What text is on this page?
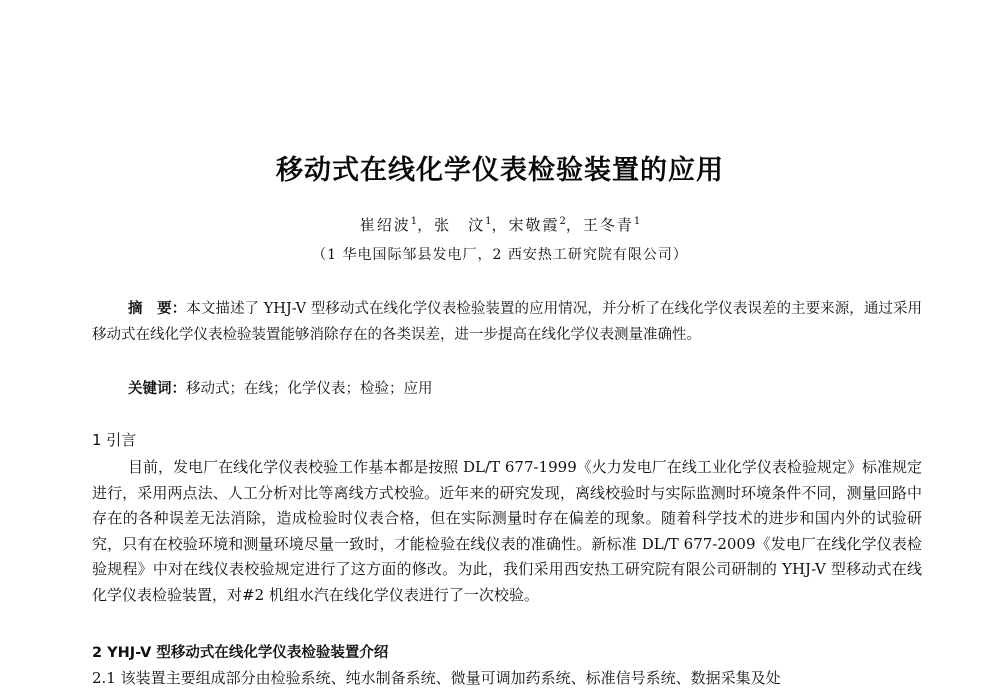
移动式在线化学仪表检验装置的应用
崔绍波$^1$，张　汶$^1$，宋敬霞$^2$，王冬青$^1$
（1 华电国际邹县发电厂，2 西安热工研究院有限公司）
摘　要：本文描述了 YHJ-V 型移动式在线化学仪表检验装置的应用情况，并分析了在线化学仪表误差的主要来源，通过采用移动式在线化学仪表检验装置能够消除存在的各类误差，进一步提高在线化学仪表测量准确性。
关键词：移动式；在线；化学仪表；检验；应用
1 引言
目前，发电厂在线化学仪表校验工作基本都是按照 DL/T 677-1999《火力发电厂在线工业化学仪表检验规定》标准规定进行，采用两点法、人工分析对比等离线方式校验。近年来的研究发现，离线校验时与实际监测时环境条件不同，测量回路中存在的各种误差无法消除，造成检验时仪表合格，但在实际测量时存在偏差的现象。随着科学技术的进步和国内外的试验研究，只有在校验环境和测量环境尽量一致时，才能检验在线仪表的准确性。新标准 DL/T 677-2009《发电厂在线化学仪表检验规程》中对在线仪表校验规定进行了这方面的修改。为此，我们采用西安热工研究院有限公司研制的 YHJ-V 型移动式在线化学仪表检验装置，对#2 机组水汽在线化学仪表进行了一次校验。
2 YHJ-V 型移动式在线化学仪表检验装置介绍
2.1 该装置主要组成部分由检验系统、纯水制备系统、微量可调加药系统、标准信号系统、数据采集及处
